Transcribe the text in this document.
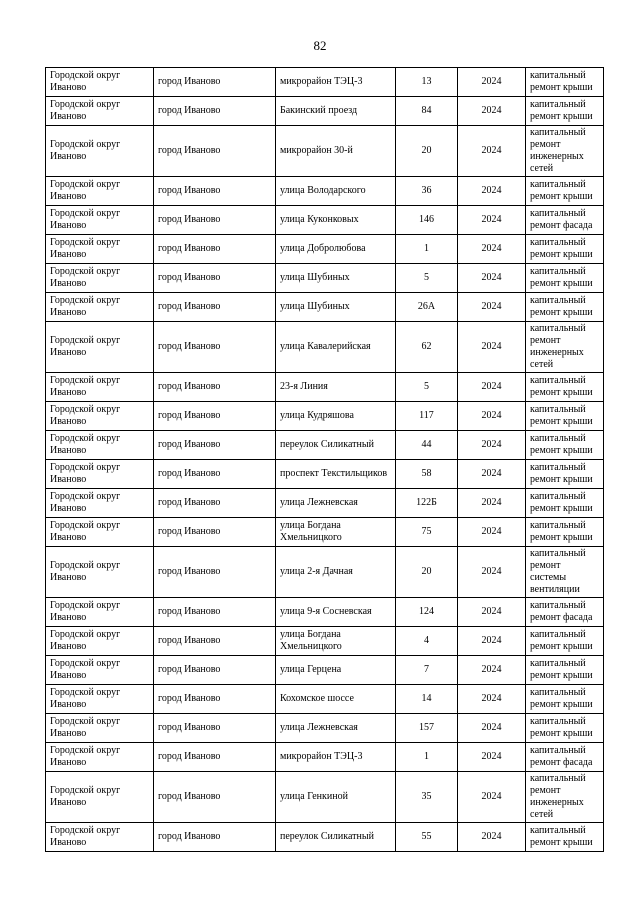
82
Городской округ Иваново	город Иваново	микрорайон ТЭЦ-3	13	2024	капитальный ремонт крыши
Городской округ Иваново	город Иваново	Бакинский проезд	84	2024	капитальный ремонт крыши
Городской округ Иваново	город Иваново	микрорайон 30-й	20	2024	капитальный ремонт инженерных сетей
Городской округ Иваново	город Иваново	улица Володарского	36	2024	капитальный ремонт крыши
Городской округ Иваново	город Иваново	улица Куконковых	146	2024	капитальный ремонт фасада
Городской округ Иваново	город Иваново	улица Добролюбова	1	2024	капитальный ремонт крыши
Городской округ Иваново	город Иваново	улица Шубиных	5	2024	капитальный ремонт крыши
Городской округ Иваново	город Иваново	улица Шубиных	26А	2024	капитальный ремонт крыши
Городской округ Иваново	город Иваново	улица Кавалерийская	62	2024	капитальный ремонт инженерных сетей
Городской округ Иваново	город Иваново	23-я Линия	5	2024	капитальный ремонт крыши
Городской округ Иваново	город Иваново	улица Кудряшова	117	2024	капитальный ремонт крыши
Городской округ Иваново	город Иваново	переулок Силикатный	44	2024	капитальный ремонт крыши
Городской округ Иваново	город Иваново	проспект Текстильщиков	58	2024	капитальный ремонт крыши
Городской округ Иваново	город Иваново	улица Лежневская	122Б	2024	капитальный ремонт крыши
Городской округ Иваново	город Иваново	улица Богдана Хмельницкого	75	2024	капитальный ремонт крыши
Городской округ Иваново	город Иваново	улица 2-я Дачная	20	2024	капитальный ремонт системы вентиляции
Городской округ Иваново	город Иваново	улица 9-я Сосневская	124	2024	капитальный ремонт фасада
Городской округ Иваново	город Иваново	улица Богдана Хмельницкого	4	2024	капитальный ремонт крыши
Городской округ Иваново	город Иваново	улица Герцена	7	2024	капитальный ремонт крыши
Городской округ Иваново	город Иваново	Кохомское шоссе	14	2024	капитальный ремонт крыши
Городской округ Иваново	город Иваново	улица Лежневская	157	2024	капитальный ремонт крыши
Городской округ Иваново	город Иваново	микрорайон ТЭЦ-3	1	2024	капитальный ремонт фасада
Городской округ Иваново	город Иваново	улица Генкиной	35	2024	капитальный ремонт инженерных сетей
Городской округ Иваново	город Иваново	переулок Силикатный	55	2024	капитальный ремонт крыши
